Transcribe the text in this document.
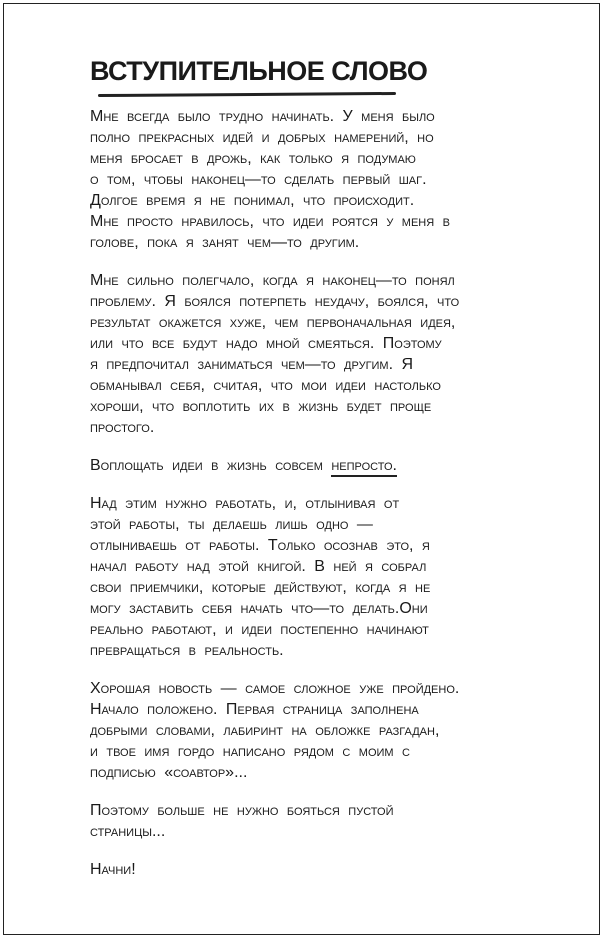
ВСТУПИТЕЛЬНОЕ СЛОВО
Мне всегда было трудно начинать. У меня было
полно прекрасных идей и добрых намерений, но
меня бросает в дрожь, как только я подумаю
о том, чтобы наконец—то сделать первый шаг.
Долгое время я не понимал, что происходит.
Мне просто нравилось, что идеи роятся у меня в
голове, пока я занят чем—то другим.
Мне сильно полегчало, когда я наконец—то понял
проблему. Я боялся потерпеть неудачу, боялся, что
результат окажется хуже, чем первоначальная идея,
или что все будут надо мной смеяться. Поэтому
я предпочитал заниматься чем—то другим. Я
обманывал себя, считая, что мои идеи настолько
хороши, что воплотить их в жизнь будет проще
простого.
Воплощать идеи в жизнь совсем непросто.
Над этим нужно работать, и, отлынивая от
этой работы, ты делаешь лишь одно —
отлыниваешь от работы. Только осознав это, я
начал работу над этой книгой. В ней я собрал
свои приемчики, которые действуют, когда я не
могу заставить себя начать что—то делать.Они
реально работают, и идеи постепенно начинают
превращаться в реальность.
Хорошая новость — самое сложное уже пройдено.
Начало положено. Первая страница заполнена
добрыми словами, лабиринт на обложке разгадан,
и твое имя гордо написано рядом с моим с
подписью «соавтор»...
Поэтому больше не нужно бояться пустой
страницы...
Начни!
